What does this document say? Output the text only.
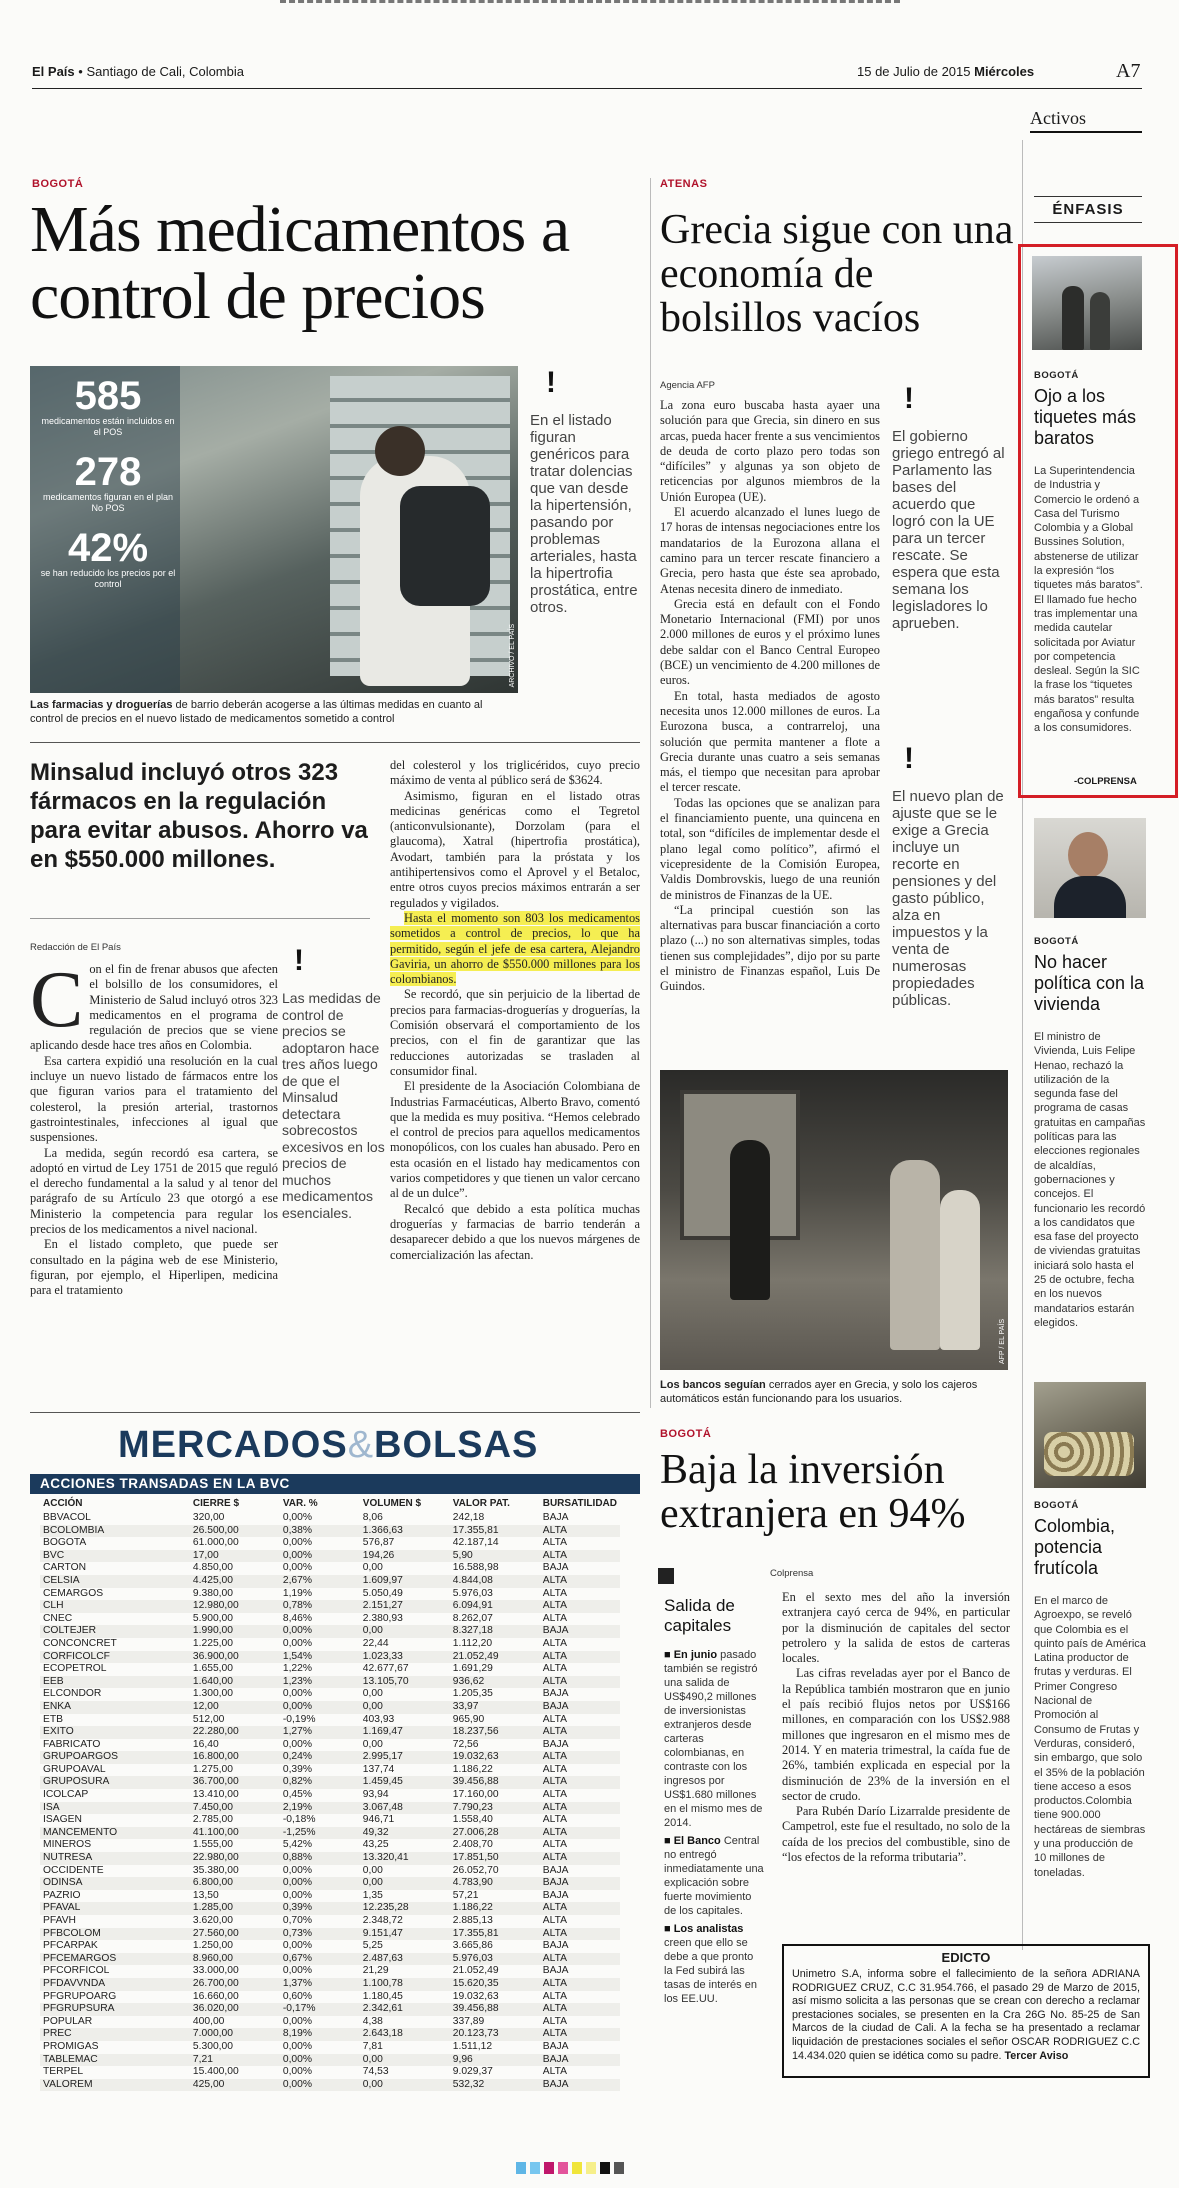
El País • Santiago de Cali, Colombia	15 de Julio de 2015 Miércoles	A7
Activos
BOGOTÁ
Más medicamentos a control de precios
585
medicamentos están incluidos en el POS
278
medicamentos figuran en el plan No POS
42%
se han reducido los precios por el control
ARCHIVO / EL PAÍS
!
En el listado figuran genéricos para tratar dolencias que van desde la hipertensión, pasando por problemas arteriales, hasta la hipertrofia prostática, entre otros.
Las farmacias y droguerías de barrio deberán acogerse a las últimas medidas en cuanto al control de precios en el nuevo listado de medicamentos sometido a control
Minsalud incluyó otros 323 fármacos en la regulación para evitar abusos. Ahorro va en $550.000 millones.
Redacción de El País
C on el fin de frenar abusos que afecten el bolsillo de los consumidores, el Ministerio de Salud incluyó otros 323 medicamentos en el programa de regulación de precios que se viene aplicando desde hace tres años en Colombia.

Esa cartera expidió una resolución en la cual incluye un nuevo listado de fármacos entre los que figuran varios para el tratamiento del colesterol, la presión arterial, trastornos gastrointestinales, infecciones al igual que suspensiones.

La medida, según recordó esa cartera, se adoptó en virtud de Ley 1751 de 2015 que reguló el derecho fundamental a la salud y al tenor del parágrafo de su Artículo 23 que otorgó a ese Ministerio la competencia para regular los precios de los medicamentos a nivel nacional.

En el listado completo, que puede ser consultado en la página web de ese Ministerio, figuran, por ejemplo, el Hiperlipen, medicina para el tratamiento

!
Las medidas de control de precios se adoptaron hace tres años luego de que el Minsalud detectara sobrecostos excesivos en los precios de muchos medicamentos esenciales.

del colesterol y los triglicéridos, cuyo precio máximo de venta al público será de $3624.

Asimismo, figuran en el listado otras medicinas genéricas como el Tegretol (anticonvulsionante), Dorzolam (para el glaucoma), Xatral (hipertrofia prostática), Avodart, también para la próstata y los antihipertensivos como el Aprovel y el Betaloc, entre otros cuyos precios máximos entrarán a ser regulados y vigilados.

Hasta el momento son 803 los medicamentos sometidos a control de precios, lo que ha permitido, según el jefe de esa cartera, Alejandro Gaviria, un ahorro de $550.000 millones para los colombianos.

Se recordó, que sin perjuicio de la libertad de precios para farmacias-droguerías y droguerías, la Comisión observará el comportamiento de los precios, con el fin de garantizar que las reducciones autorizadas se trasladen al consumidor final.

El presidente de la Asociación Colombiana de Industrias Farmacéuticas, Alberto Bravo, comentó que la medida es muy positiva. “Hemos celebrado el control de precios para aquellos medicamentos monopólicos, con los cuales han abusado. Pero en esta ocasión en el listado hay medicamentos con varios competidores y que tienen un valor cercano al de un dulce”.

Recalcó que debido a esta política muchas droguerías y farmacias de barrio tenderán a desaparecer debido a que los nuevos márgenes de comercialización las afectan.

ATENAS
Grecia sigue con una economía de bolsillos vacíos
Agencia AFP

La zona euro buscaba hasta ayaer una solución para que Grecia, sin dinero en sus arcas, pueda hacer frente a sus vencimientos de deuda de corto plazo pero todas son “difíciles” y algunas ya son objeto de reticencias por algunos miembros de la Unión Europea (UE).

El acuerdo alcanzado el lunes luego de 17 horas de intensas negociaciones entre los mandatarios de la Eurozona allana el camino para un tercer rescate financiero a Grecia, pero hasta que éste sea aprobado, Atenas necesita dinero de inmediato.

Grecia está en default con el Fondo Monetario Internacional (FMI) por unos 2.000 millones de euros y el próximo lunes debe saldar con el Banco Central Europeo (BCE) un vencimiento de 4.200 millones de euros.

En total, hasta mediados de agosto necesita unos 12.000 millones de euros. La Eurozona busca, a contrarreloj, una solución que permita mantener a flote a Grecia durante unas cuatro a seis semanas más, el tiempo que necesitan para aprobar el tercer rescate.

Todas las opciones que se analizan para el financiamiento puente, una quincena en total, son “difíciles de implementar desde el plano legal como político”, afirmó el vicepresidente de la Comisión Europea, Valdis Dombrovskis, luego de una reunión de ministros de Finanzas de la UE.

“La principal cuestión son las alternativas para buscar financiación a corto plazo (...) no son alternativas simples, todas tienen sus complejidades”, dijo por su parte el ministro de Finanzas español, Luis De Guindos.

!
El gobierno griego entregó al Parlamento las bases del acuerdo que logró con la UE para un tercer rescate. Se espera que esta semana los legisladores lo aprueben.
!
El nuevo plan de ajuste que se le exige a Grecia incluye un recorte en pensiones y del gasto público, alza en impuestos y la venta de numerosas propiedades públicas.
AFP / EL PAÍS
Los bancos seguían cerrados ayer en Grecia, y solo los cajeros automáticos están funcionando para los usuarios.
ÉNFASIS
BOGOTÁ
Ojo a los tiquetes más baratos
La Superintendencia de Industria y Comercio le ordenó a Casa del Turismo Colombia y a Global Bussines Solution, abstenerse de utilizar la expresión “los tiquetes más baratos”. El llamado fue hecho tras implementar una medida cautelar solicitada por Aviatur por competencia desleal. Según la SIC la frase los “tiquetes más baratos” resulta engañosa y confunde a los consumidores.
-COLPRENSA
BOGOTÁ
No hacer política con la vivienda
El ministro de Vivienda, Luis Felipe Henao, rechazó la utilización de la segunda fase del programa de casas gratuitas en campañas políticas para las elecciones regionales de alcaldías, gobernaciones y concejos. El funcionario les recordó a los candidatos que esa fase del proyecto de viviendas gratuitas iniciará solo hasta el 25 de octubre, fecha en los nuevos mandatarios estarán elegidos.
BOGOTÁ
Colombia, potencia frutícola
En el marco de Agroexpo, se reveló que Colombia es el quinto país de América Latina productor de frutas y verduras. El Primer Congreso Nacional de Promoción al Consumo de Frutas y Verduras, consideró, sin embargo, que solo el 35% de la población tiene acceso a esos productos.Colombia tiene 900.000 hectáreas de siembras y una producción de 10 millones de toneladas.
MERCADOS&BOLSAS
ACCIONES TRANSADAS EN LA BVC
ACCIÓN	CIERRE $	VAR. %	VOLUMEN $	VALOR PAT.	BURSATILIDAD
BBVACOL	320,00	0,00%	8,06	242,18	BAJA
BCOLOMBIA	26.500,00	0,38%	1.366,63	17.355,81	ALTA
BOGOTA	61.000,00	0,00%	576,87	42.187,14	ALTA
BVC	17,00	0,00%	194,26	5,90	ALTA
CARTON	4.850,00	0,00%	0,00	16.588,98	BAJA
CELSIA	4.425,00	2,67%	1.609,97	4.844,08	ALTA
CEMARGOS	9.380,00	1,19%	5.050,49	5.976,03	ALTA
CLH	12.980,00	0,78%	2.151,27	6.094,91	ALTA
CNEC	5.900,00	8,46%	2.380,93	8.262,07	ALTA
COLTEJER	1.990,00	0,00%	0,00	8.327,18	BAJA
CONCONCRET	1.225,00	0,00%	22,44	1.112,20	ALTA
CORFICOLCF	36.900,00	1,54%	1.023,33	21.052,49	ALTA
ECOPETROL	1.655,00	1,22%	42.677,67	1.691,29	ALTA
EEB	1.640,00	1,23%	13.105,70	936,62	ALTA
ELCONDOR	1.300,00	0,00%	0,00	1.205,35	BAJA
ENKA	12,00	0,00%	0,00	33,97	BAJA
ETB	512,00	-0,19%	403,93	965,90	ALTA
EXITO	22.280,00	1,27%	1.169,47	18.237,56	ALTA
FABRICATO	16,40	0,00%	0,00	72,56	BAJA
GRUPOARGOS	16.800,00	0,24%	2.995,17	19.032,63	ALTA
GRUPOAVAL	1.275,00	0,39%	137,74	1.186,22	ALTA
GRUPOSURA	36.700,00	0,82%	1.459,45	39.456,88	ALTA
ICOLCAP	13.410,00	0,45%	93,94	17.160,00	ALTA
ISA	7.450,00	2,19%	3.067,48	7.790,23	ALTA
ISAGEN	2.785,00	-0,18%	946,71	1.558,40	ALTA
MANCEMENTO	41.100,00	-1,25%	49,32	27.006,28	ALTA
MINEROS	1.555,00	5,42%	43,25	2.408,70	ALTA
NUTRESA	22.980,00	0,88%	13.320,41	17.851,50	ALTA
OCCIDENTE	35.380,00	0,00%	0,00	26.052,70	BAJA
ODINSA	6.800,00	0,00%	0,00	4.783,90	BAJA
PAZRIO	13,50	0,00%	1,35	57,21	BAJA
PFAVAL	1.285,00	0,39%	12.235,28	1.186,22	ALTA
PFAVH	3.620,00	0,70%	2.348,72	2.885,13	ALTA
PFBCOLOM	27.560,00	0,73%	9.151,47	17.355,81	ALTA
PFCARPAK	1.250,00	0,00%	5,25	3.665,86	BAJA
PFCEMARGOS	8.960,00	0,67%	2.487,63	5.976,03	ALTA
PFCORFICOL	33.000,00	0,00%	21,29	21.052,49	BAJA
PFDAVVNDA	26.700,00	1,37%	1.100,78	15.620,35	ALTA
PFGRUPOARG	16.660,00	0,60%	1.180,45	19.032,63	ALTA
PFGRUPSURA	36.020,00	-0,17%	2.342,61	39.456,88	ALTA
POPULAR	400,00	0,00%	4,38	337,89	ALTA
PREC	7.000,00	8,19%	2.643,18	20.123,73	ALTA
PROMIGAS	5.300,00	0,00%	7,81	1.511,12	BAJA
TABLEMAC	7,21	0,00%	0,00	9,96	BAJA
TERPEL	15.400,00	0,00%	74,53	9.029,37	ALTA
VALOREM	425,00	0,00%	0,00	532,32	BAJA
BOGOTÁ
Baja la inversión extranjera en 94%
Colprensa
Salida de capitales
■ En junio pasado también se registró una salida de US$490,2 millones de inversionistas extranjeros desde carteras colombianas, en contraste con los ingresos por US$1.680 millones en el mismo mes de 2014.
■ El Banco Central no entregó inmediatamente una explicación sobre fuerte movimiento de los capitales.
■ Los analistas creen que ello se debe a que pronto la Fed subirá las tasas de interés en los EE.UU.

En el sexto mes del año la inversión extranjera cayó cerca de 94%, en particular por la disminución de capitales del sector petrolero y la salida de estos de carteras locales.

Las cifras reveladas ayer por el Banco de la República también mostraron que en junio el país recibió flujos netos por US$166 millones, en comparación con los US$2.988 millones que ingresaron en el mismo mes de 2014. Y en materia trimestral, la caída fue de 26%, también explicada en especial por la disminución de 23% de la inversión en el sector de crudo.

Para Rubén Darío Lizarralde presidente de Campetrol, este fue el resultado, no solo de la caída de los precios del combustible, sino de “los efectos de la reforma tributaria”.

EDICTO
Unimetro S.A, informa sobre el fallecimiento de la señora ADRIANA RODRIGUEZ CRUZ, C.C 31.954.766, el pasado 29 de Marzo de 2015, así mismo solicita a las personas que se crean con derecho a reclamar prestaciones sociales, se presenten en la Cra 26G No. 85-25 de San Marcos de la ciudad de Cali. A la fecha se ha presentado a reclamar liquidación de prestaciones sociales el señor OSCAR RODRIGUEZ C.C 14.434.020 quien se idética como su padre. Tercer Aviso
